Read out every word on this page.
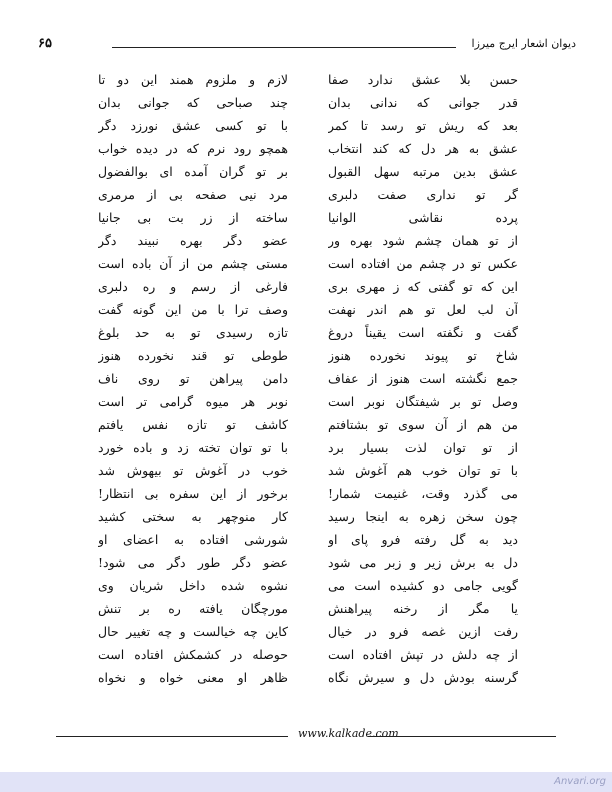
۶۵	دیوان اشعار ایرج میرزا
حسن بلا عشق ندارد صفا
قدر جوانی که ندانی بدان
بعد که ریش تو رسد تا کمر
عشق به هر دل که کند انتخاب
عشق بدین مرتبه سهل القبول
گر تو نداری صفت دلبری
پرده نقاشی الوانیا
از تو همان چشم شود بهره ور
عکس تو در چشم من افتاده است
این که تو گفتی که ز مهری بری
آن لب لعل تو هم اندر نهفت
گفت و نگفته است یقیناً دروغ
شاخ تو پیوند نخورده هنوز
جمع نگشته است هنوز از عفاف
وصل تو بر شیفتگان نوبر است
من هم از آن سوی تو بشتافتم
از تو توان لذت بسیار برد
با تو توان خوب هم آغوش شد
می گذرد وقت، غنیمت شمار!
چون سخن زهره به اینجا رسید
دید به گل رفته فرو پای او
دل به برش زیر و زبر می شود
گویی جامی دو کشیده است می
یا مگر از رخنه پیراهنش
رفت ازین غصه فرو در خیال
از چه دلش در تپش افتاده است
گرسنه بودش دل و سیرش نگاه
لازم و ملزوم همند این دو تا
چند صباحی که جوانی بدان
با تو کسی عشق نورزد دگر
همچو رود نرم که در دیده خواب
بر تو گران آمده ای بوالفضول
مرد نیی صفحه بی از مرمری
ساخته از زر بت بی جانیا
عضو دگر بهره نبیند دگر
مستی چشم من از آن باده است
فارغی از رسم و ره دلبری
وصف ترا با من این گونه گفت
تازه رسیدی تو به حد بلوغ
طوطی تو قند نخورده هنوز
دامن پیراهن تو روی ناف
نوبر هر میوه گرامی تر است
کاشف تو تازه نفس یافتم
با تو توان تخته زد و باده خورد
خوب در آغوش تو بیهوش شد
برخور از این سفره بی انتظار!
کار منوچهر به سختی کشید
شورشی افتاده به اعضای او
عضو دگر طور دگر می شود!
نشوه شده داخل شریان وی
مورچگان یافته ره بر تنش
کاین چه خیالست و چه تغییر حال
حوصله در کشمکش افتاده است
ظاهر او معنی خواه و نخواه
www.kalkade.com
Anvari.org
